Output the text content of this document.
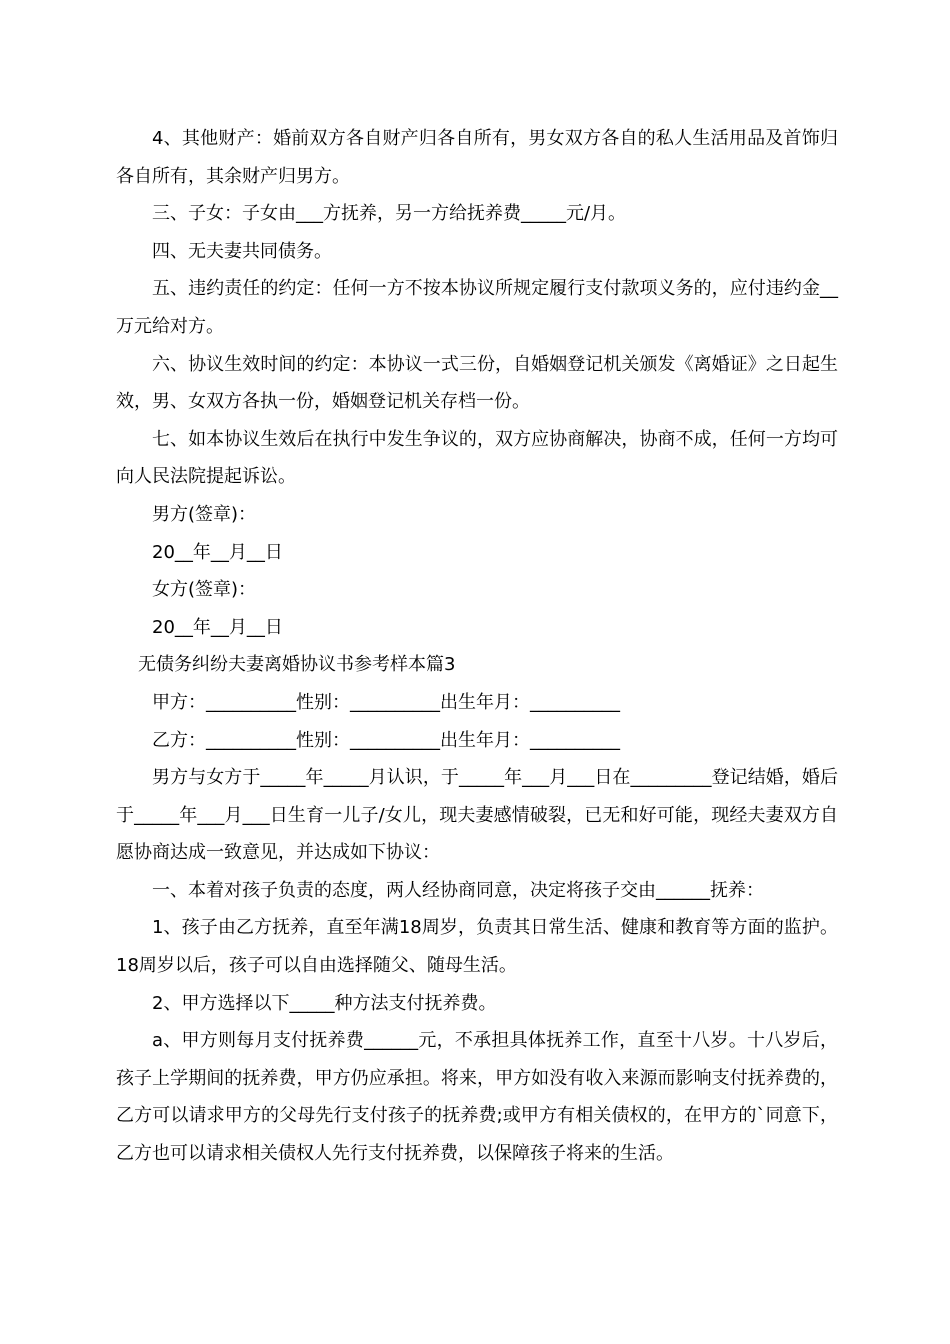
4、其他财产：婚前双方各自财产归各自所有，男女双方各自的私人生活用品及首饰归各自所有，其余财产归男方。

三、子女：子女由___方抚养，另一方给抚养费_____元/月。

四、无夫妻共同债务。

五、违约责任的约定：任何一方不按本协议所规定履行支付款项义务的，应付违约金__万元给对方。

六、协议生效时间的约定：本协议一式三份，自婚姻登记机关颁发《离婚证》之日起生效，男、女双方各执一份，婚姻登记机关存档一份。

七、如本协议生效后在执行中发生争议的，双方应协商解决，协商不成，任何一方均可向人民法院提起诉讼。

男方(签章)：

20__年__月__日

女方(签章)：

20__年__月__日

无债务纠纷夫妻离婚协议书参考样本篇3

甲方：__________性别：__________出生年月：__________

乙方：__________性别：__________出生年月：__________

男方与女方于_____年_____月认识，于_____年___月___日在_________登记结婚，婚后于_____年___月___日生育一儿子/女儿，现夫妻感情破裂，已无和好可能，现经夫妻双方自愿协商达成一致意见，并达成如下协议：

一、本着对孩子负责的态度，两人经协商同意，决定将孩子交由______抚养：

1、孩子由乙方抚养，直至年满18周岁，负责其日常生活、健康和教育等方面的监护。18周岁以后，孩子可以自由选择随父、随母生活。

2、甲方选择以下_____种方法支付抚养费。

a、甲方则每月支付抚养费______元，不承担具体抚养工作，直至十八岁。十八岁后，孩子上学期间的抚养费，甲方仍应承担。将来，甲方如没有收入来源而影响支付抚养费的，乙方可以请求甲方的父母先行支付孩子的抚养费;或甲方有相关债权的，在甲方的`同意下，乙方也可以请求相关债权人先行支付抚养费，以保障孩子将来的生活。
